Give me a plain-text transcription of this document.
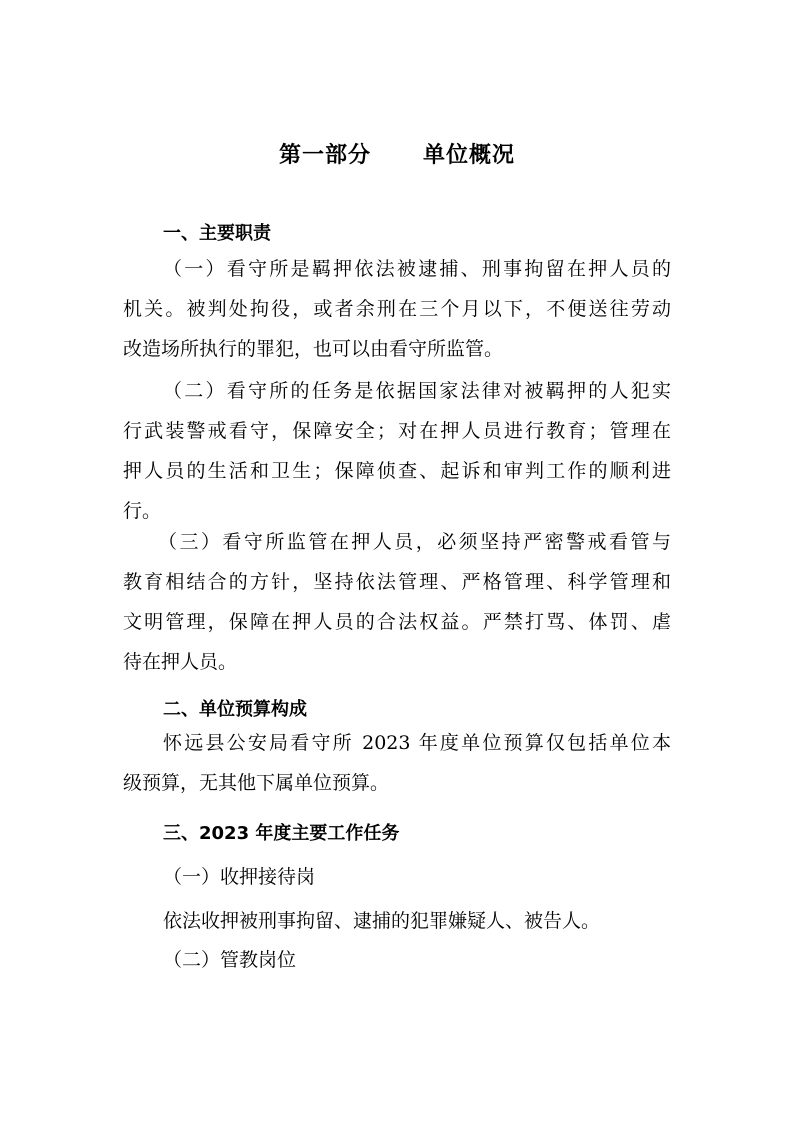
第一部分      单位概况
一、主要职责
（一）看守所是羁押依法被逮捕、刑事拘留在押人员的
机关。被判处拘役，或者余刑在三个月以下，不便送往劳动
改造场所执行的罪犯，也可以由看守所监管。
（二）看守所的任务是依据国家法律对被羁押的人犯实
行武装警戒看守，保障安全；对在押人员进行教育；管理在
押人员的生活和卫生；保障侦查、起诉和审判工作的顺利进
行。
（三）看守所监管在押人员，必须坚持严密警戒看管与
教育相结合的方针，坚持依法管理、严格管理、科学管理和
文明管理，保障在押人员的合法权益。严禁打骂、体罚、虐
待在押人员。
二、单位预算构成
怀远县公安局看守所 2023 年度单位预算仅包括单位本
级预算，无其他下属单位预算。
三、2023 年度主要工作任务
（一）收押接待岗
依法收押被刑事拘留、逮捕的犯罪嫌疑人、被告人。
（二）管教岗位
